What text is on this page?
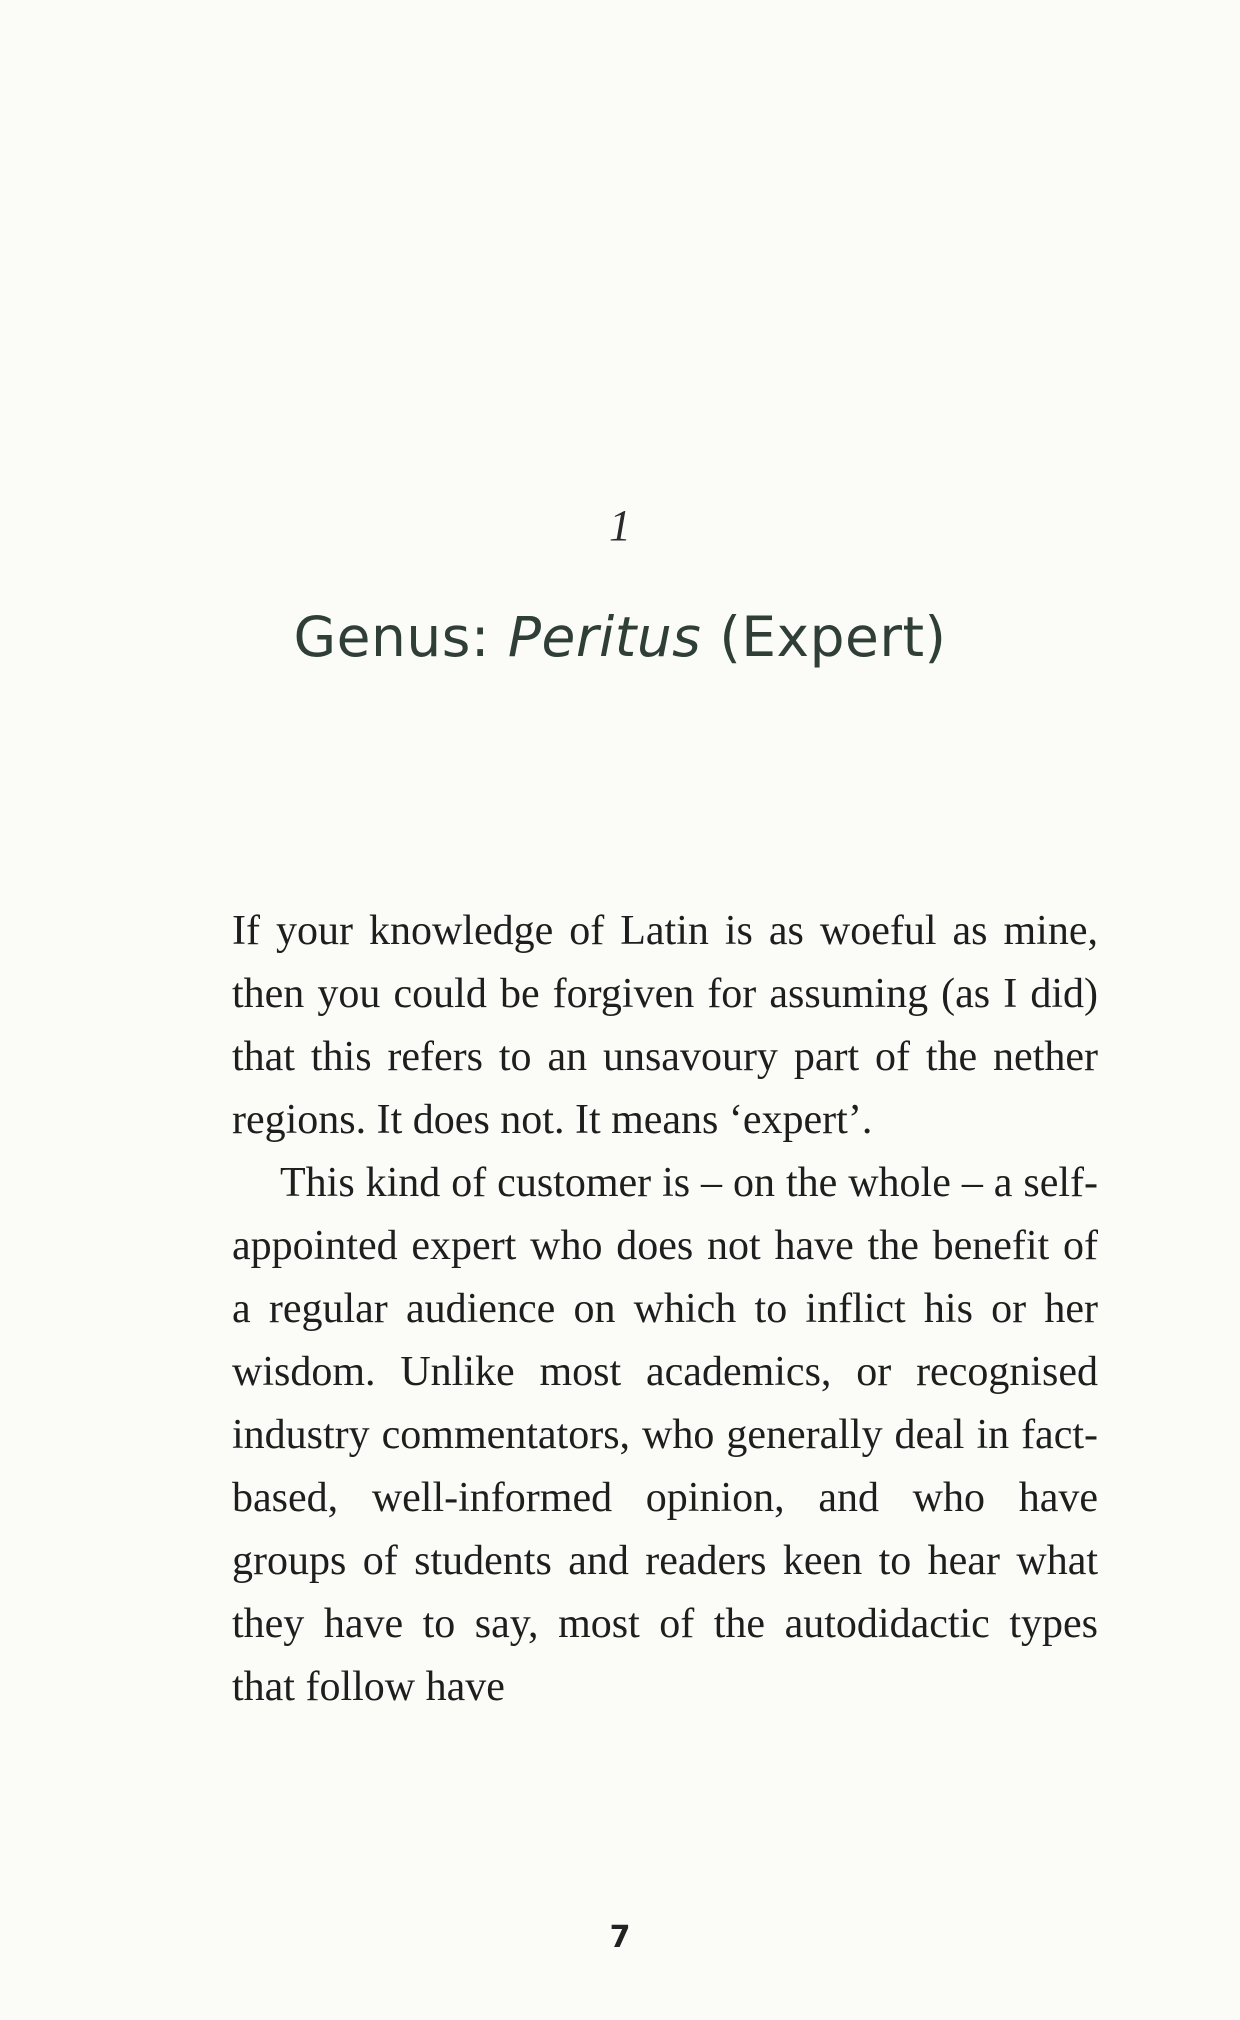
1
Genus: Peritus (Expert)

If your knowledge of Latin is as woeful as mine, then you could be forgiven for assuming (as I did) that this refers to an unsavoury part of the nether regions. It does not. It means ‘expert’.

This kind of customer is – on the whole – a self-appointed expert who does not have the benefit of a regular audience on which to inflict his or her wisdom. Unlike most academics, or recognised industry commentators, who generally deal in fact-based, well-informed opinion, and who have groups of students and readers keen to hear what they have to say, most of the autodidactic types that follow have

7
